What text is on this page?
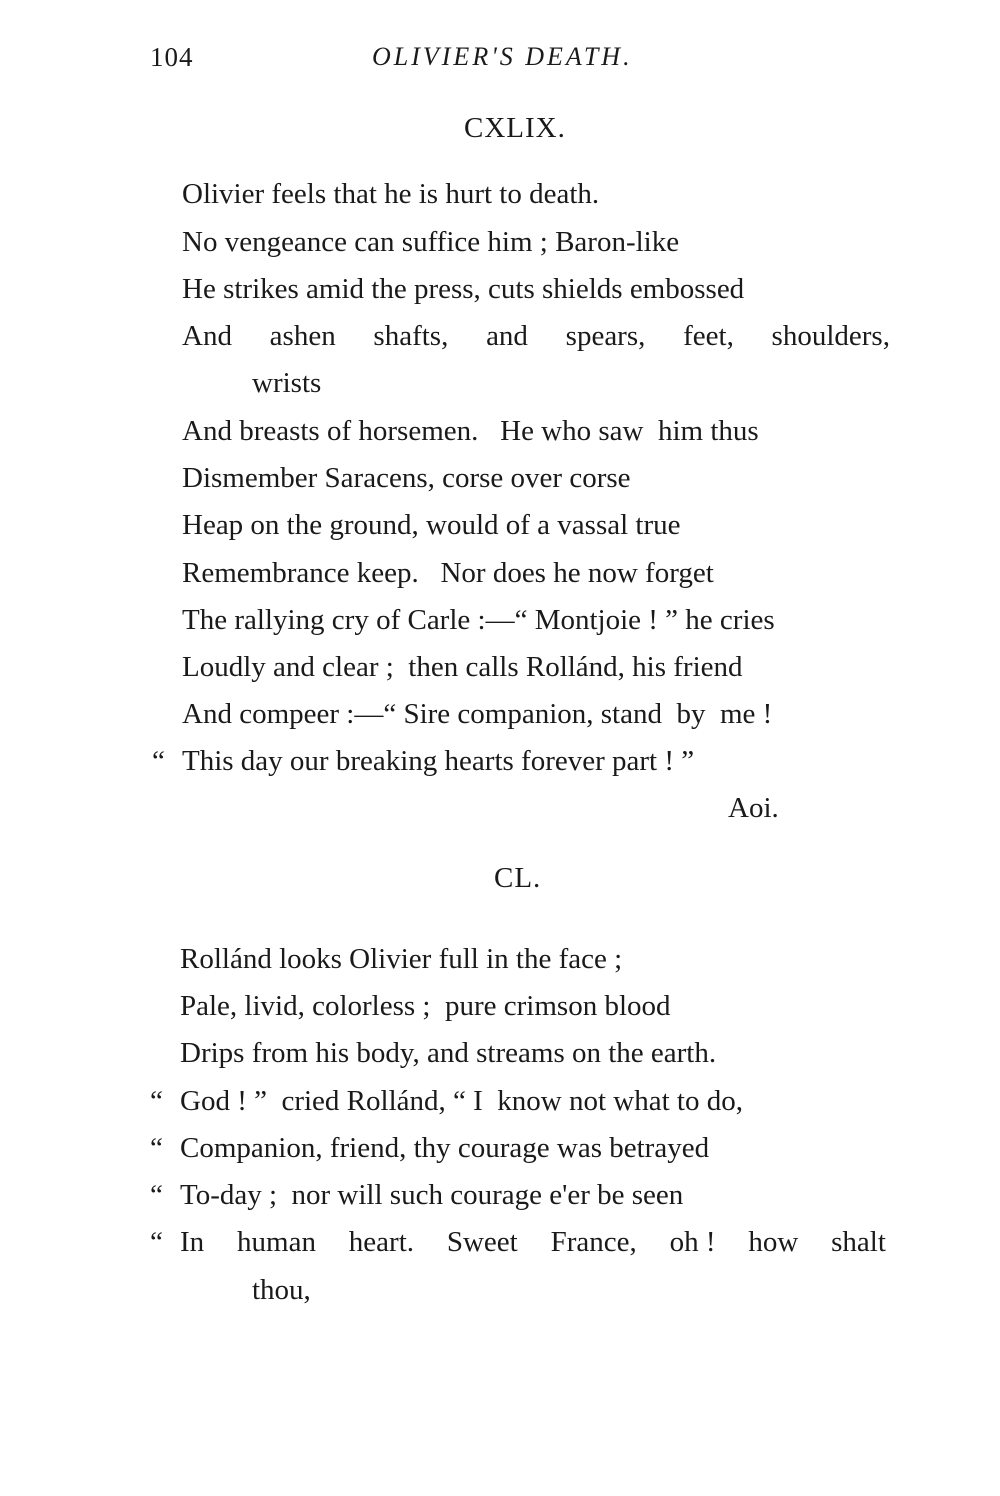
104	OLIVIER'S DEATH.
CXLIX.
Olivier feels that he is hurt to death.
No vengeance can suffice him ; Baron-like
He strikes amid the press, cuts shields embossed
And ashen shafts, and spears, feet, shoulders,
wrists
And breasts of horsemen.   He who saw  him thus
Dismember Saracens, corse over corse
Heap on the ground, would of a vassal true
Remembrance keep.   Nor does he now forget
The rallying cry of Carle :—“ Montjoie ! ” he cries
Loudly and clear ;  then calls Rollánd, his friend
And compeer :—“ Sire companion, stand  by  me !
“ This day our breaking hearts forever part ! ”
Aoi.
CL.
Rollánd looks Olivier full in the face ;
Pale, livid, colorless ;  pure crimson blood
Drips from his body, and streams on the earth.
“ God ! ”  cried Rollánd, “ I  know not what to do,
“ Companion, friend, thy courage was betrayed
“ To-day ;  nor will such courage e'er be seen
“ In human heart. Sweet France, oh ! how shalt
thou,
